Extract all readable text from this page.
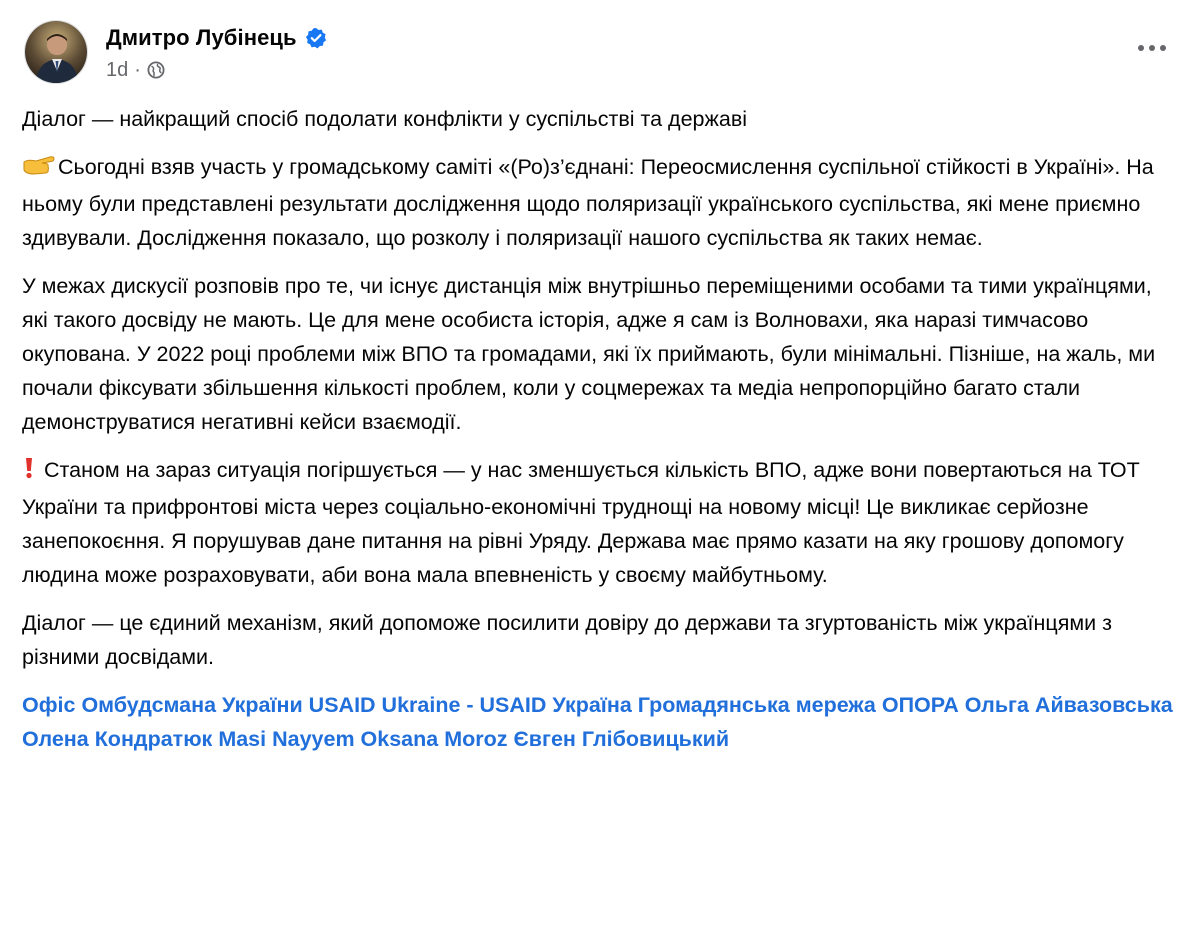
Дмитро Лубінець
1d ·

Діалог — найкращий спосіб подолати конфлікти у суспільстві та державі

Сьогодні взяв участь у громадському саміті «(Ро)з’єднані: Переосмислення суспільної стійкості в Україні». На ньому були представлені результати дослідження щодо поляризації українського суспільства, які мене приємно здивували. Дослідження показало, що розколу і поляризації нашого суспільства як таких немає.

У межах дискусії розповів про те, чи існує дистанція між внутрішньо переміщеними особами та тими українцями, які такого досвіду не мають. Це для мене особиста історія, адже я сам із Волновахи, яка наразі тимчасово окупована. У 2022 році проблеми між ВПО та громадами, які їх приймають, були мінімальні. Пізніше, на жаль, ми почали фіксувати збільшення кількості проблем, коли у соцмережах та медіа непропорційно багато стали демонструватися негативні кейси взаємодії.

Станом на зараз ситуація погіршується — у нас зменшується кількість ВПО, адже вони повертаються на ТОТ України та прифронтові міста через соціально-економічні труднощі на новому місці! Це викликає серйозне занепокоєння. Я порушував дане питання на рівні Уряду. Держава має прямо казати на яку грошову допомогу людина може розраховувати, аби вона мала впевненість у своєму майбутньому.

Діалог — це єдиний механізм, який допоможе посилити довіру до держави та згуртованість між українцями з різними досвідами.

Офіс Омбудсмана України USAID Ukraine - USAID Україна Громадянська мережа ОПОРА Ольга Айвазовська Олена Кондратюк Masi Nayyem Oksana Moroz Євген Глібовицький
